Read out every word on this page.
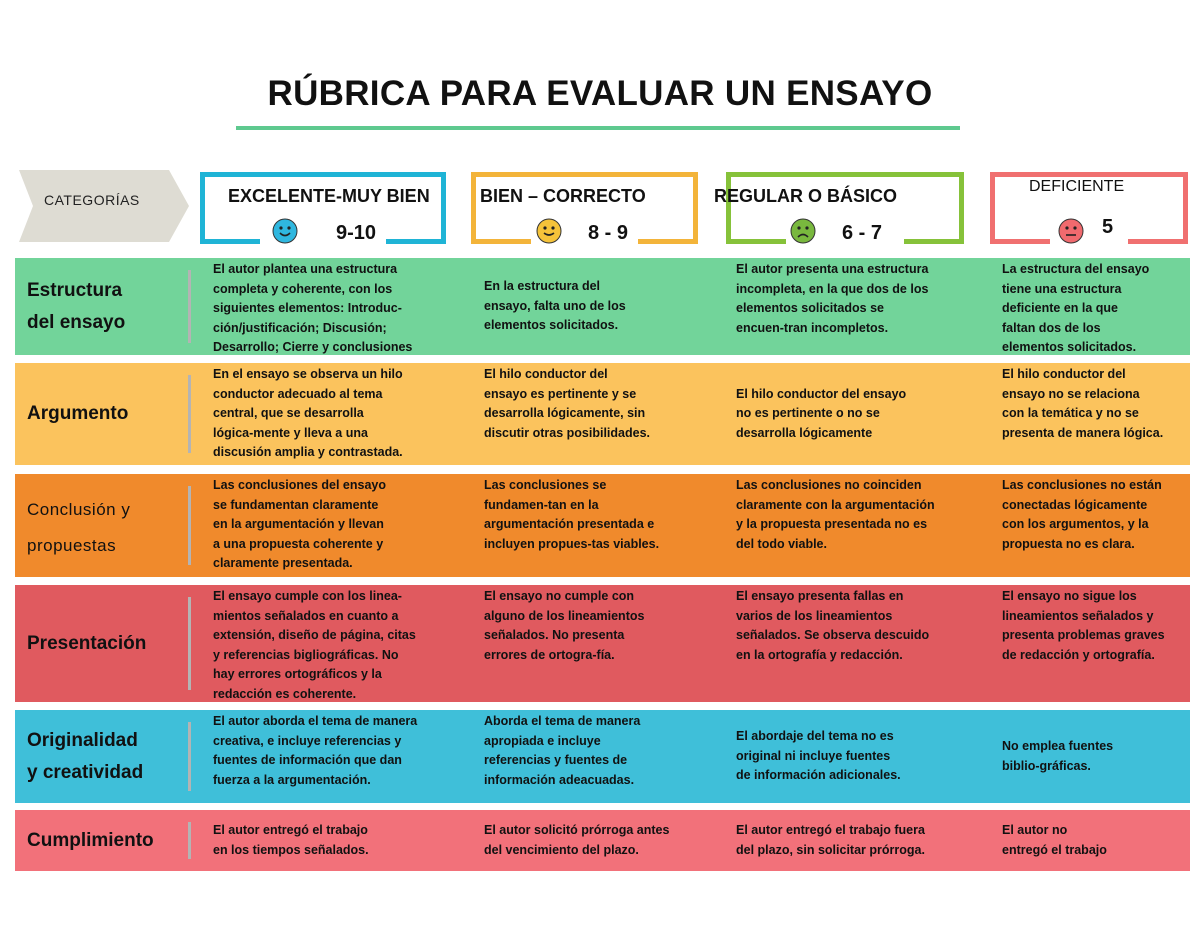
RÚBRICA PARA EVALUAR UN ENSAYO
CATEGORÍAS	EXCELENTE-MUY BIEN
9-10
BIEN – CORRECTO
8 - 9
REGULAR O BÁSICO
6 - 7
DEFICIENTE
5
Estructura
del ensayo
El autor plantea una estructura
completa y coherente, con los
siguientes elementos: Introduc-
ción/justificación; Discusión;
Desarrollo; Cierre y conclusiones
En la estructura del
ensayo, falta uno de los
elementos solicitados.
El autor presenta una estructura
incompleta, en la que dos de los
elementos solicitados se
encuen-tran incompletos.
La estructura del ensayo
tiene una estructura
deficiente en la que
faltan dos de los
elementos solicitados.
Argumento
En el ensayo se observa un hilo
conductor adecuado al tema
central, que se desarrolla
lógica-mente y lleva a una
discusión amplia y contrastada.
El hilo conductor del
ensayo es pertinente y se
desarrolla lógicamente, sin
discutir otras posibilidades.
El hilo conductor del ensayo
no es pertinente o no se
desarrolla lógicamente
El hilo conductor del
ensayo no se relaciona
con la temática y no se
presenta de manera lógica.
Conclusión y
propuestas
Las conclusiones del ensayo
se fundamentan claramente
en la argumentación y llevan
a una propuesta coherente y
claramente presentada.
Las conclusiones se
fundamen-tan en la
argumentación presentada e
incluyen propues-tas viables.
Las conclusiones no coinciden
claramente con la argumentación
y la propuesta presentada no es
del todo viable.
Las conclusiones no están
conectadas lógicamente
con los argumentos, y la
propuesta no es clara.
Presentación
El ensayo cumple con los linea-
mientos señalados en cuanto a
extensión, diseño de página, citas
y referencias bigliográficas. No
hay errores ortográficos y la
redacción es coherente.
El ensayo no cumple con
alguno de los lineamientos
señalados. No presenta
errores de ortogra-fía.
El ensayo presenta fallas en
varios de los lineamientos
señalados. Se observa descuido
en la ortografía y redacción.
El ensayo no sigue los
lineamientos señalados y
presenta problemas graves
de redacción y ortografía.
Originalidad
y creatividad
El autor aborda el tema de manera
creativa, e incluye referencias y
fuentes de información que dan
fuerza a la argumentación.
Aborda el tema de manera
apropiada e incluye
referencias y fuentes de
información adeacuadas.
El abordaje del tema no es
original ni incluye fuentes
de información adicionales.
No emplea fuentes
biblio-gráficas.
Cumplimiento	El autor entregó el trabajo
en los tiempos señalados.
El autor solicitó prórroga antes
del vencimiento del plazo.
El autor entregó el trabajo fuera
del plazo, sin solicitar prórroga.
El autor no
entregó el trabajo
